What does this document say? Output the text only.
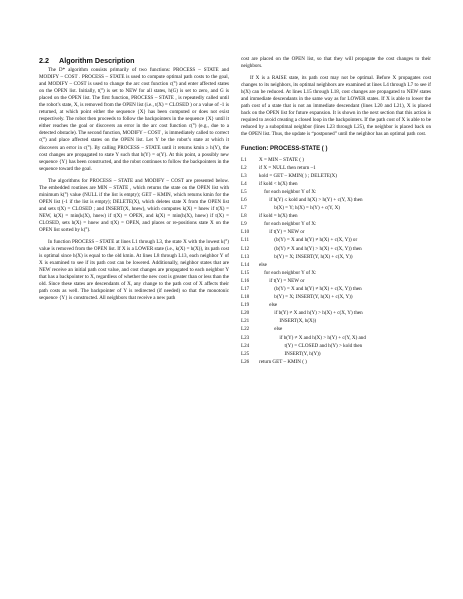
2.2 Algorithm Description

The D* algorithm consists primarily of two functions: PROCESS – STATE and MODIFY – COST . PROCESS – STATE is used to compute optimal path costs to the goal, and MODIFY – COST is used to change the arc cost function c(°) and enter affected states on the OPEN list. Initially, t(°) is set to NEW for all states, h(G) is set to zero, and G is placed on the OPEN list. The first function, PROCESS – STATE , is repeatedly called until the robot’s state, X, is removed from the OPEN list (i.e., t(X) = CLOSED ) or a value of -1 is returned, at which point either the sequence {X} has been computed or does not exist respectively. The robot then proceeds to follow the backpointers in the sequence {X} until it either reaches the goal or discovers an error in the arc cost function c(°) (e.g., due to a detected obstacle). The second function, MODIFY – COST , is immediately called to correct c(°) and place affected states on the OPEN list. Let Y be the robot’s state at which it discovers an error in c(°). By calling PROCESS – STATE until it returns kmin ≥ h(Y), the cost changes are propagated to state Y such that h(Y) = o(Y). At this point, a possibly new sequence {Y} has been constructed, and the robot continues to follow the backpointers in the sequence toward the goal.

The algorithms for PROCESS – STATE and MODIFY – COST are presented below. The embedded routines are MIN – STATE , which returns the state on the OPEN list with minimum k(°) value (NULL if the list is empty); GET – KMIN, which returns kmin for the OPEN list (-1 if the list is empty); DELETE(X), which deletes state X from the OPEN list and sets t(X) = CLOSED ; and INSERT(X, hnew), which computes k(X) = hnew if t(X) = NEW, k(X) = min(k(X), hnew) if t(X) = OPEN, and k(X) = min(h(X), hnew) if t(X) = CLOSED, sets h(X) = hnew and t(X) = OPEN, and places or re-positions state X on the OPEN list sorted by k(°).

In function PROCESS – STATE at lines L1 through L3, the state X with the lowest k(°) value is removed from the OPEN list. If X is a LOWER state (i.e., k(X) = h(X)), its path cost is optimal since h(X) is equal to the old kmin. At lines L8 through L13, each neighbor Y of X is examined to see if its path cost can be lowered. Additionally, neighbor states that are NEW receive an initial path cost value, and cost changes are propagated to each neighbor Y that has a backpointer to X, regardless of whether the new cost is greater than or less than the old. Since these states are descendants of X, any change to the path cost of X affects their path costs as well. The backpointer of Y is redirected (if needed) so that the monotonic sequence {Y} is constructed. All neighbors that receive a new path

cost are placed on the OPEN list, so that they will propagate the cost changes to their neighbors.

If X is a RAISE state, its path cost may not be optimal. Before X propagates cost changes to its neighbors, its optimal neighbors are examined at lines L4 through L7 to see if h(X) can be reduced. At lines L15 through L18, cost changes are propagated to NEW states and immediate descendants in the same way as for LOWER states. If X is able to lower the path cost of a state that is not an immediate descendant (lines L20 and L21), X is placed back on the OPEN list for future expansion. It is shown in the next section that this action is required to avoid creating a closed loop in the backpointers. If the path cost of X is able to be reduced by a suboptimal neighbor (lines L23 through L25), the neighbor is placed back on the OPEN list. Thus, the update is “postponed” until the neighbor has an optimal path cost.

Function: PROCESS-STATE ( )
L1	X = MIN – STATE ( )
L2	if X = NULL then return –1
L3	kold = GET – KMIN( ) ; DELETE(X)
L4	if kold < h(X) then
L5	for each neighbor Y of X:
L6	if h(Y) ≤ kold and h(X) > h(Y) + c(Y, X) then
L7	b(X) = Y; h(X) = h(Y) + c(Y, X)
L8	if kold = h(X) then
L9	for each neighbor Y of X:
L10	if t(Y) = NEW or
L11	(b(Y) = X and h(Y) ≠ h(X) + c(X, Y)) or
L12	(b(Y) ≠ X and h(Y) > h(X) + c(X, Y)) then
L13	b(Y) = X; INSERT(Y, h(X) + c(X, Y))
L14	else
L15	for each neighbor Y of X:
L16	if t(Y) = NEW or
L17	(b(Y) = X and h(Y) ≠ h(X) + c(X, Y)) then
L18	b(Y) = X; INSERT(Y, h(X) + c(X, Y))
L19	else
L20	if b(Y) ≠ X and h(Y) > h(X) + c(X, Y) then
L21	INSERT(X, h(X))
L22	else
L23	if b(Y) ≠ X and h(X) > h(Y) + c(Y, X) and
L24	t(Y) = CLOSED and h(Y) > kold then
L25	INSERT(Y, h(Y))
L26	return GET – KMIN ( )
